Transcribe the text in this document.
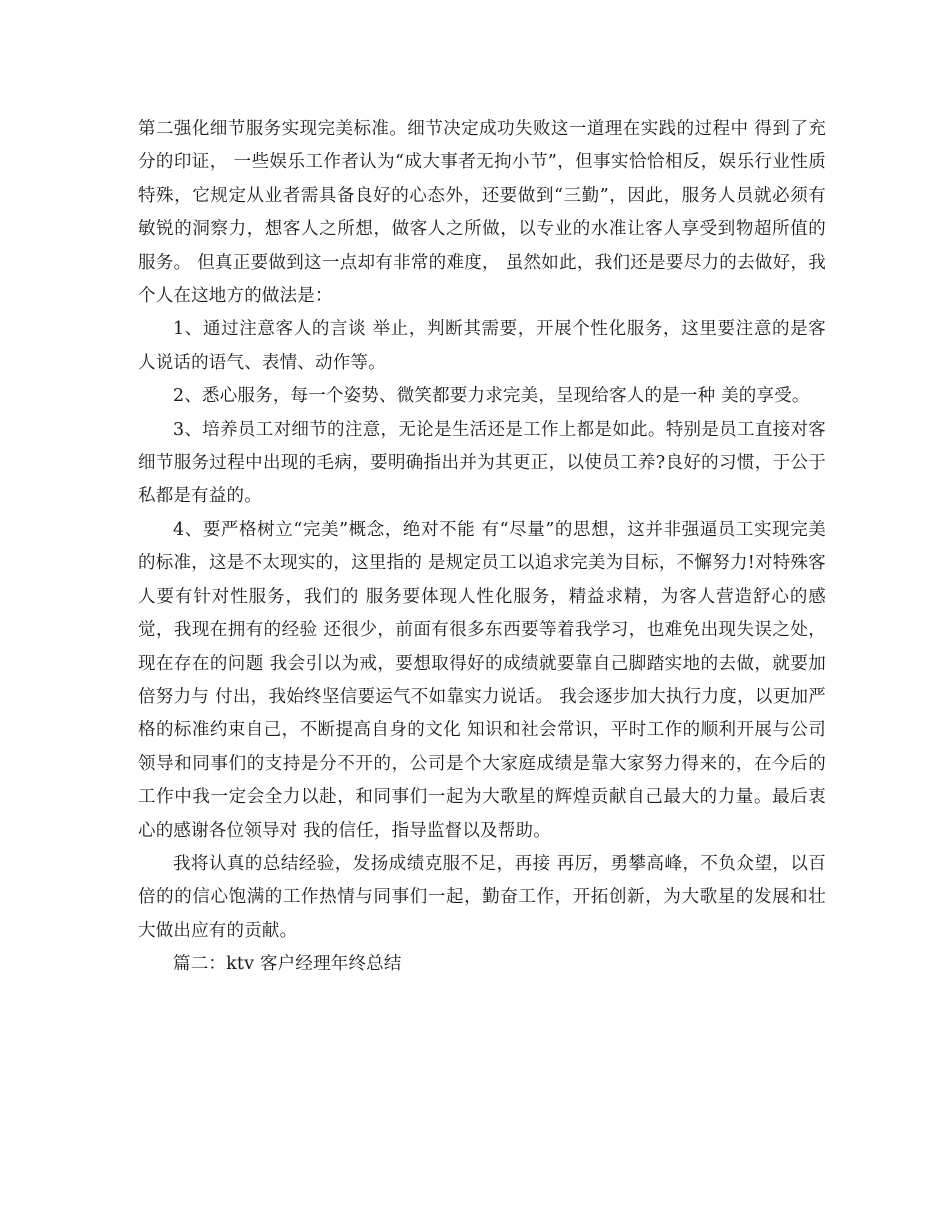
第二强化细节服务实现完美标准。细节决定成功失败这一道理在实践的过程中 得到了充分的印证， 一些娱乐工作者认为“成大事者无拘小节”，但事实恰恰相反，娱乐行业性质特殊，它规定从业者需具备良好的心态外，还要做到“三勤”，因此，服务人员就必须有敏锐的洞察力，想客人之所想，做客人之所做，以专业的水准让客人享受到物超所值的服务。 但真正要做到这一点却有非常的难度， 虽然如此，我们还是要尽力的去做好，我个人在这地方的做法是：

1、通过注意客人的言谈 举止，判断其需要，开展个性化服务，这里要注意的是客人说话的语气、表情、动作等。

2、悉心服务，每一个姿势、微笑都要力求完美，呈现给客人的是一种 美的享受。

3、培养员工对细节的注意，无论是生活还是工作上都是如此。特别是员工直接对客细节服务过程中出现的毛病，要明确指出并为其更正，以使员工养?良好的习惯，于公于私都是有益的。

4、要严格树立“完美”概念，绝对不能 有“尽量”的思想，这并非强逼员工实现完美的标准，这是不太现实的，这里指的 是规定员工以追求完美为目标，不懈努力!对特殊客人要有针对性服务，我们的 服务要体现人性化服务，精益求精，为客人营造舒心的感觉，我现在拥有的经验 还很少，前面有很多东西要等着我学习，也难免出现失误之处，现在存在的问题 我会引以为戒，要想取得好的成绩就要靠自己脚踏实地的去做，就要加倍努力与 付出，我始终坚信要运气不如靠实力说话。 我会逐步加大执行力度，以更加严格的标准约束自己，不断提高自身的文化 知识和社会常识，平时工作的顺利开展与公司领导和同事们的支持是分不开的，公司是个大家庭成绩是靠大家努力得来的，在今后的工作中我一定会全力以赴，和同事们一起为大歌星的辉煌贡献自己最大的力量。最后衷心的感谢各位领导对 我的信任，指导监督以及帮助。

我将认真的总结经验，发扬成绩克服不足，再接 再厉，勇攀高峰，不负众望，以百倍的的信心饱满的工作热情与同事们一起，勤奋工作，开拓创新，为大歌星的发展和壮大做出应有的贡献。

篇二：ktv 客户经理年终总结
